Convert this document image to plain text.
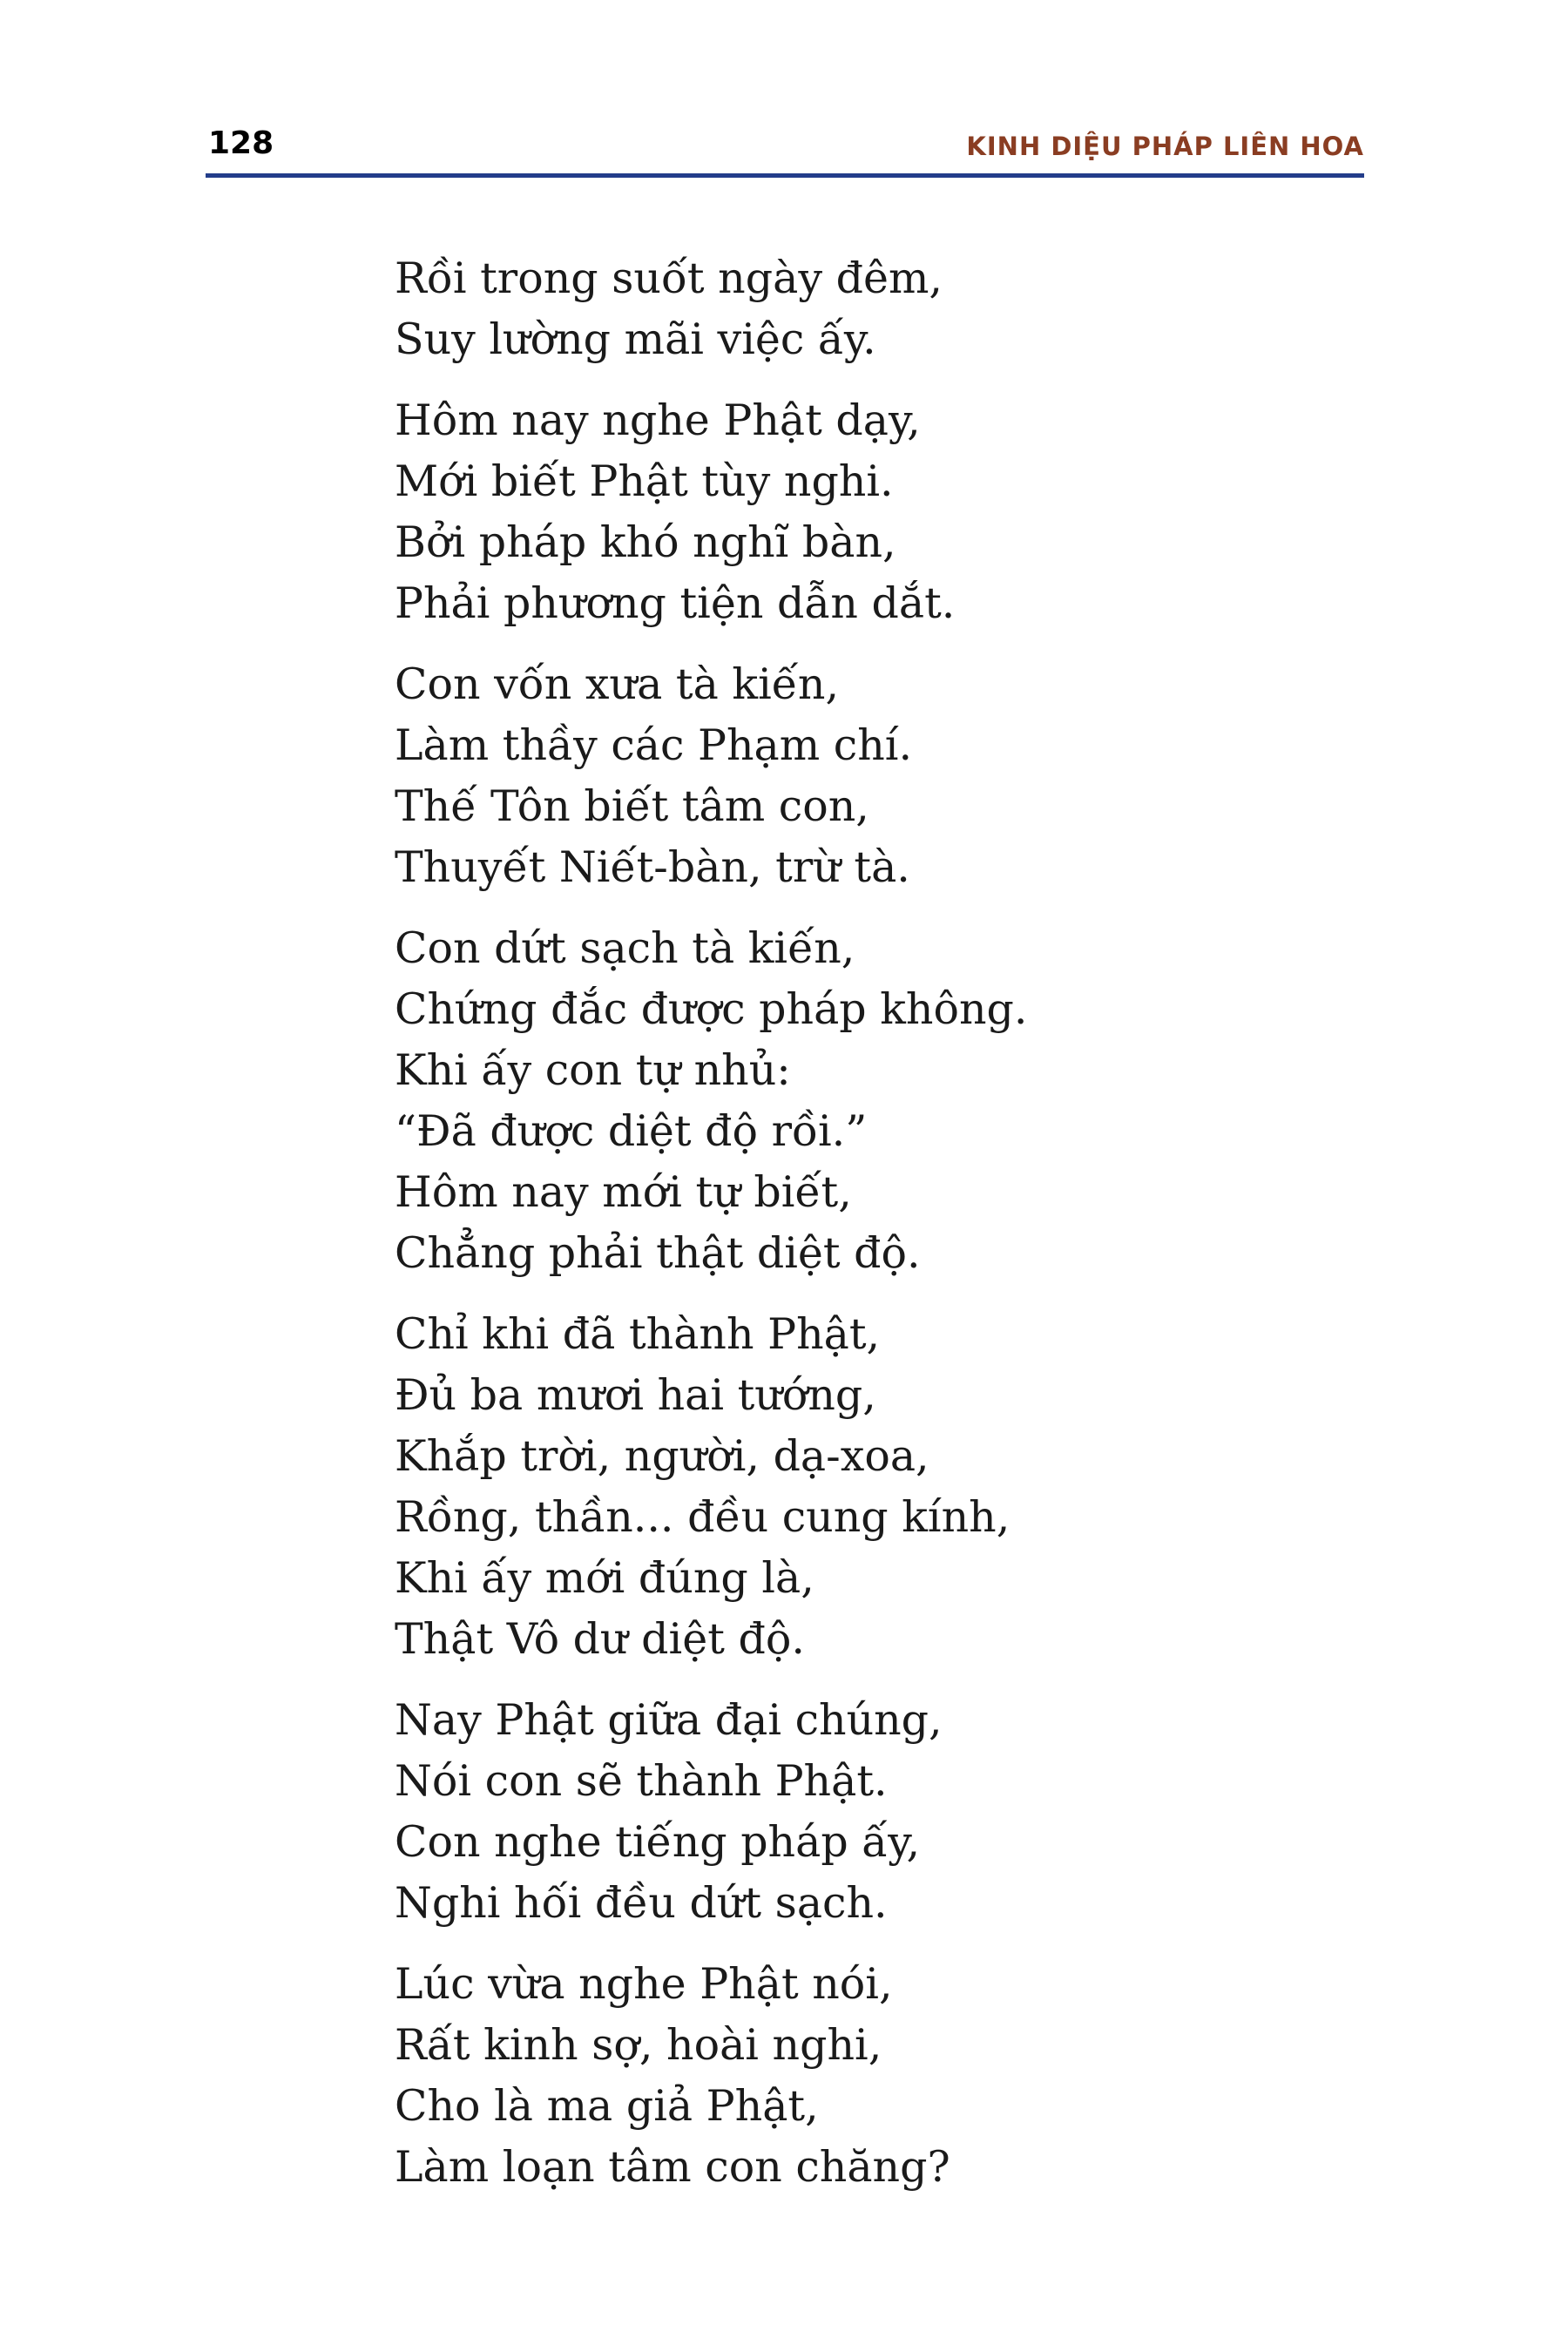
128	KINH DIỆU PHÁP LIÊN HOA
Rồi trong suốt ngày đêm,
Suy lường mãi việc ấy.
Hôm nay nghe Phật dạy,
Mới biết Phật tùy nghi.
Bởi pháp khó nghĩ bàn,
Phải phương tiện dẫn dắt.
Con vốn xưa tà kiến,
Làm thầy các Phạm chí.
Thế Tôn biết tâm con,
Thuyết Niết-bàn, trừ tà.
Con dứt sạch tà kiến,
Chứng đắc được pháp không.
Khi ấy con tự nhủ:
“Đã được diệt độ rồi.”
Hôm nay mới tự biết,
Chẳng phải thật diệt độ.
Chỉ khi đã thành Phật,
Đủ ba mươi hai tướng,
Khắp trời, người, dạ-xoa,
Rồng, thần... đều cung kính,
Khi ấy mới đúng là,
Thật Vô dư diệt độ.
Nay Phật giữa đại chúng,
Nói con sẽ thành Phật.
Con nghe tiếng pháp ấy,
Nghi hối đều dứt sạch.
Lúc vừa nghe Phật nói,
Rất kinh sợ, hoài nghi,
Cho là ma giả Phật,
Làm loạn tâm con chăng?
